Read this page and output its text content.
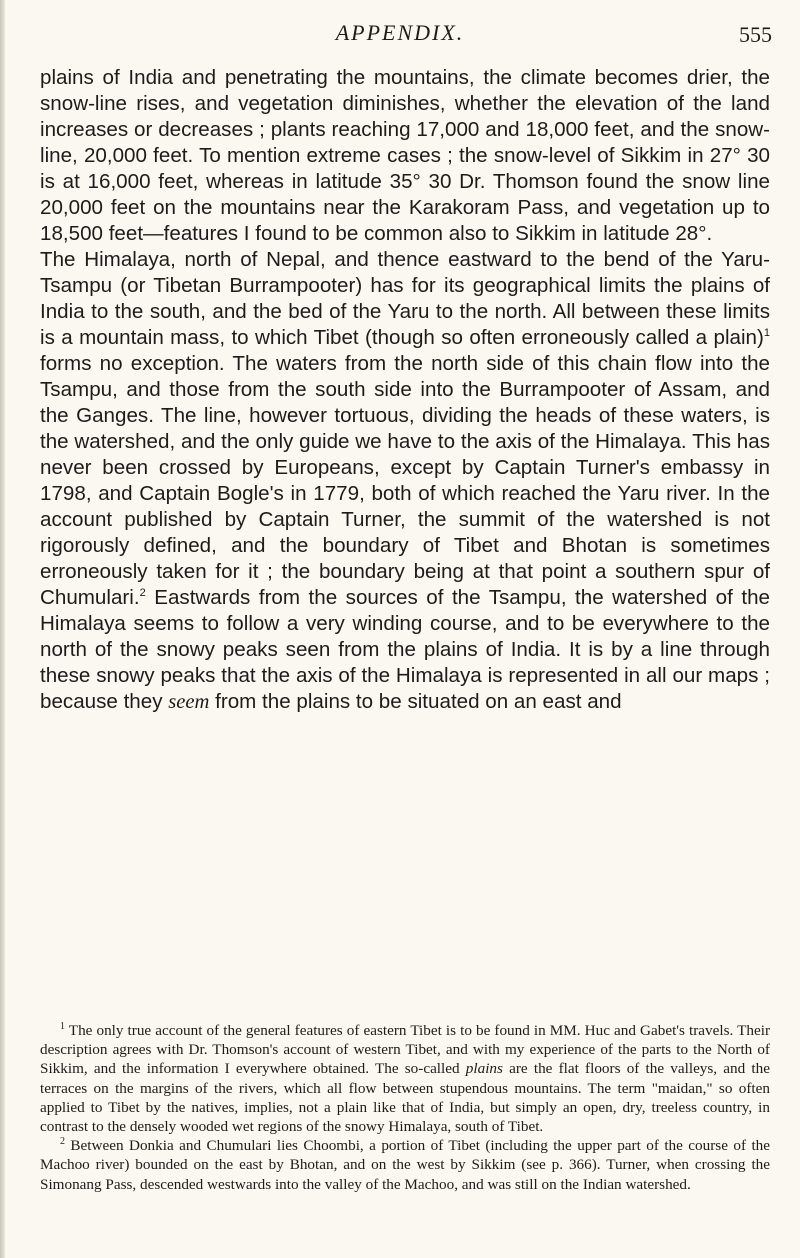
APPENDIX.	555

plains of India and penetrating the mountains, the climate becomes drier, the snow-line rises, and vegetation diminishes, whether the elevation of the land increases or decreases ; plants reaching 17,000 and 18,000 feet, and the snow-line, 20,000 feet. To mention extreme cases ; the snow-level of Sikkim in 27° 30 is at 16,000 feet, whereas in latitude 35° 30 Dr. Thomson found the snow line 20,000 feet on the mountains near the Karakoram Pass, and vegetation up to 18,500 feet—features I found to be common also to Sikkim in latitude 28°.

The Himalaya, north of Nepal, and thence eastward to the bend of the Yaru-Tsampu (or Tibetan Burrampooter) has for its geographical limits the plains of India to the south, and the bed of the Yaru to the north. All between these limits is a mountain mass, to which Tibet (though so often erroneously called a plain)$^1$ forms no exception. The waters from the north side of this chain flow into the Tsampu, and those from the south side into the Burrampooter of Assam, and the Ganges. The line, however tortuous, dividing the heads of these waters, is the watershed, and the only guide we have to the axis of the Himalaya. This has never been crossed by Europeans, except by Captain Turner's embassy in 1798, and Captain Bogle's in 1779, both of which reached the Yaru river. In the account published by Captain Turner, the summit of the watershed is not rigorously defined, and the boundary of Tibet and Bhotan is sometimes erroneously taken for it ; the boundary being at that point a southern spur of Chumulari.$^2$ Eastwards from the sources of the Tsampu, the watershed of the Himalaya seems to follow a very winding course, and to be everywhere to the north of the snowy peaks seen from the plains of India. It is by a line through these snowy peaks that the axis of the Himalaya is represented in all our maps ; because they seem from the plains to be situated on an east and

$^1$ The only true account of the general features of eastern Tibet is to be found in MM. Huc and Gabet's travels. Their description agrees with Dr. Thomson's account of western Tibet, and with my experience of the parts to the North of Sikkim, and the information I everywhere obtained. The so-called plains are the flat floors of the valleys, and the terraces on the margins of the rivers, which all flow between stupendous mountains. The term "maidan," so often applied to Tibet by the natives, implies, not a plain like that of India, but simply an open, dry, treeless country, in contrast to the densely wooded wet regions of the snowy Himalaya, south of Tibet.

$^2$ Between Donkia and Chumulari lies Choombi, a portion of Tibet (including the upper part of the course of the Machoo river) bounded on the east by Bhotan, and on the west by Sikkim (see p. 366). Turner, when crossing the Simonang Pass, descended westwards into the valley of the Machoo, and was still on the Indian watershed.
